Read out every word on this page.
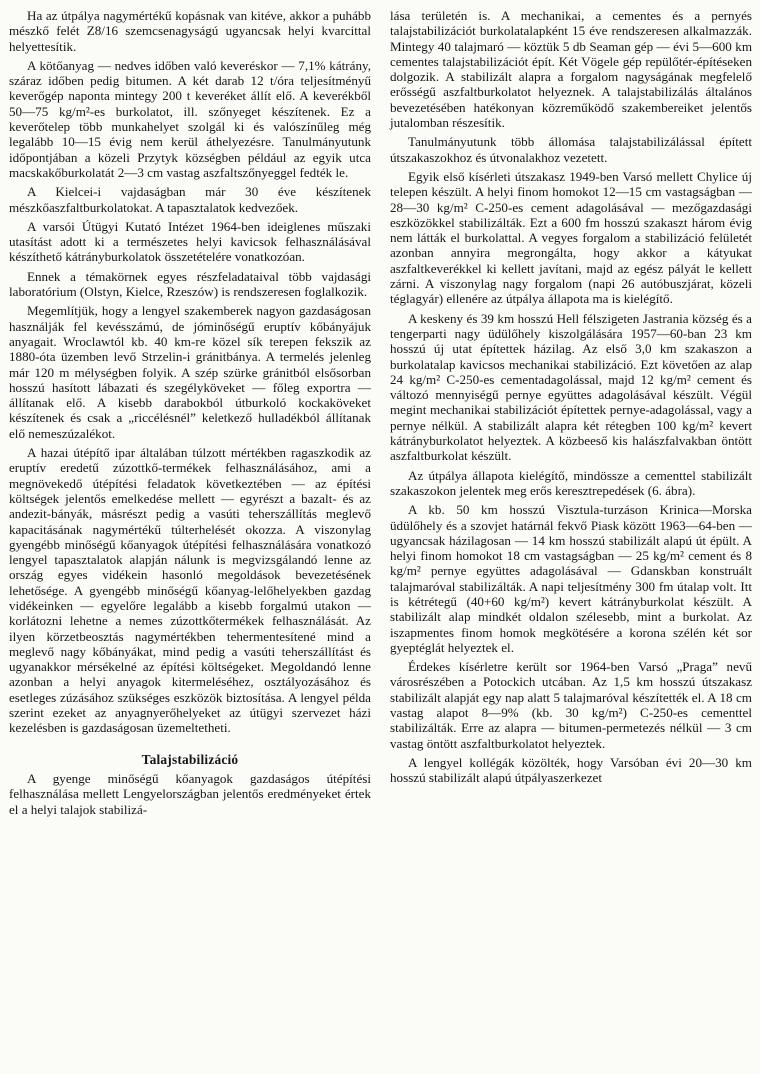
Ha az útpálya nagymértékű kopásnak van kitéve, akkor a puhább mészkő felét Z8/16 szemcsenagyságú ugyancsak helyi kvarcittal helyettesítik.

A kötőanyag — nedves időben való keveréskor — 7,1% kátrány, száraz időben pedig bitumen. A két darab 12 t/óra teljesítményű keverőgép naponta mintegy 200 t keveréket állít elő. A keverékből 50—75 kg/m²-es burkolatot, ill. szőnyeget készítenek. Ez a keverőtelep több munkahelyet szolgál ki és valószínűleg még legalább 10—15 évig nem kerül áthelyezésre. Tanulmányutunk időpontjában a közeli Przytyk községben például az egyik utca macskakőburkolatát 2—3 cm vastag aszfaltszőnyeggel fedték le.

A Kielcei-i vajdaságban már 30 éve készítenek mészkőaszfaltburkolatokat. A tapasztalatok kedvezőek.

A varsói Útügyi Kutató Intézet 1964-ben ideiglenes műszaki utasítást adott ki a természetes helyi kavicsok felhasználásával készíthető kátrányburkolatok összetételére vonatkozóan.

Ennek a témakörnek egyes részfeladataival több vajdasági laboratórium (Olstyn, Kielce, Rzeszów) is rendszeresen foglalkozik.

Megemlítjük, hogy a lengyel szakemberek nagyon gazdaságosan használják fel kevésszámú, de jóminőségű eruptív kőbányájuk anyagait. Wroclawtól kb. 40 km-re közel sík terepen fekszik az 1880-óta üzemben levő Strzelin-i gránitbánya. A termelés jelenleg már 120 m mélységben folyik. A szép szürke gránitból elsősorban hosszú hasított lábazati és szegélyköveket — főleg exportra — állítanak elő. A kisebb darabokból útburkoló kockaköveket készítenek és csak a „riccélésnél” keletkező hulladékból állítanak elő nemeszúzalékot.

A hazai útépítő ipar általában túlzott mértékben ragaszkodik az eruptív eredetű zúzottkő-termékek felhasználásához, ami a megnövekedő útépítési feladatok következtében — az építési költségek jelentős emelkedése mellett — egyrészt a bazalt- és az andezit-bányák, másrészt pedig a vasúti teherszállítás meglevő kapacitásának nagymértékű túlterhelését okozza. A viszonylag gyengébb minőségű kőanyagok útépítési felhasználására vonatkozó lengyel tapasztalatok alapján nálunk is megvizsgálandó lenne az ország egyes vidékein hasonló megoldások bevezetésének lehetősége. A gyengébb minőségű kőanyag-lelőhelyekben gazdag vidékeinken — egyelőre legalább a kisebb forgalmú utakon — korlátozni lehetne a nemes zúzottkőtermékek felhasználását. Az ilyen körzetbeosztás nagymértékben tehermentesítené mind a meglevő nagy kőbányákat, mind pedig a vasúti teherszállítást és ugyanakkor mérsékelné az építési költségeket. Megoldandó lenne azonban a helyi anyagok kitermeléséhez, osztályozásához és esetleges zúzásához szükséges eszközök biztosítása. A lengyel példa szerint ezeket az anyagnyerőhelyeket az útügyi szervezet házi kezelésben is gazdaságosan üzemeltetheti.

Talajstabilizáció

A gyenge minőségű kőanyagok gazdaságos útépítési felhasználása mellett Lengyelországban jelentős eredményeket értek el a helyi talajok stabilizá-

lása területén is. A mechanikai, a cementes és a pernyés talajstabilizációt burkolatalapként 15 éve rendszeresen alkalmazzák. Mintegy 40 talajmaró — köztük 5 db Seaman gép — évi 5—600 km cementes talajstabilizációt épít. Két Vögele gép repülőtér-építéseken dolgozik. A stabilizált alapra a forgalom nagyságának megfelelő erősségű aszfaltburkolatot helyeznek. A talajstabilizálás általános bevezetésében hatékonyan közreműködő szakembereiket jelentős jutalomban részesítik.

Tanulmányutunk több állomása talajstabilizálással épített útszakaszokhoz és útvonalakhoz vezetett.

Egyik első kísérleti útszakasz 1949-ben Varsó mellett Chylice új telepen készült. A helyi finom homokot 12—15 cm vastagságban — 28—30 kg/m² C-250-es cement adagolásával — mezőgazdasági eszközökkel stabilizálták. Ezt a 600 fm hosszú szakaszt három évig nem látták el burkolattal. A vegyes forgalom a stabilizáció felületét azonban annyira megrongálta, hogy akkor a kátyukat aszfaltkeverékkel ki kellett javítani, majd az egész pályát le kellett zárni. A viszonylag nagy forgalom (napi 26 autóbuszjárat, közeli téglagyár) ellenére az útpálya állapota ma is kielégítő.

A keskeny és 39 km hosszú Hell félszigeten Jastrania község és a tengerparti nagy üdülőhely kiszolgálására 1957—60-ban 23 km hosszú új utat építettek házilag. Az első 3,0 km szakaszon a burkolatalap kavicsos mechanikai stabilizáció. Ezt követően az alap 24 kg/m² C-250-es cementadagolással, majd 12 kg/m² cement és változó mennyiségű pernye együttes adagolásával készült. Végül megint mechanikai stabilizációt építettek pernye-adagolással, vagy a pernye nélkül. A stabilizált alapra két rétegben 100 kg/m² kevert kátrányburkolatot helyeztek. A közbeeső kis halászfalvakban öntött aszfaltburkolat készült.

Az útpálya állapota kielégítő, mindössze a cementtel stabilizált szakaszokon jelentek meg erős keresztrepedések (6. ábra).

A kb. 50 km hosszú Visztula-turzáson Krinica—Morska üdülőhely és a szovjet határnál fekvő Piask között 1963—64-ben — ugyancsak házilagosan — 14 km hosszú stabilizált alapú út épült. A helyi finom homokot 18 cm vastagságban — 25 kg/m² cement és 8 kg/m² pernye együttes adagolásával — Gdanskban konstruált talajmaróval stabilizálták. A napi teljesítmény 300 fm útalap volt. Itt is kétrétegű (40+60 kg/m²) kevert kátrányburkolat készült. A stabilizált alap mindkét oldalon szélesebb, mint a burkolat. Az iszapmentes finom homok megkötésére a korona szélén két sor gyeptéglát helyeztek el.

Érdekes kísérletre került sor 1964-ben Varsó „Praga” nevű városrészében a Potockich utcában. Az 1,5 km hosszú útszakasz stabilizált alapját egy nap alatt 5 talajmaróval készítették el. A 18 cm vastag alapot 8—9% (kb. 30 kg/m²) C-250-es cementtel stabilizálták. Erre az alapra — bitumen-permetezés nélkül — 3 cm vastag öntött aszfaltburkolatot helyeztek.

A lengyel kollégák közölték, hogy Varsóban évi 20—30 km hosszú stabilizált alapú útpályaszerkezet
